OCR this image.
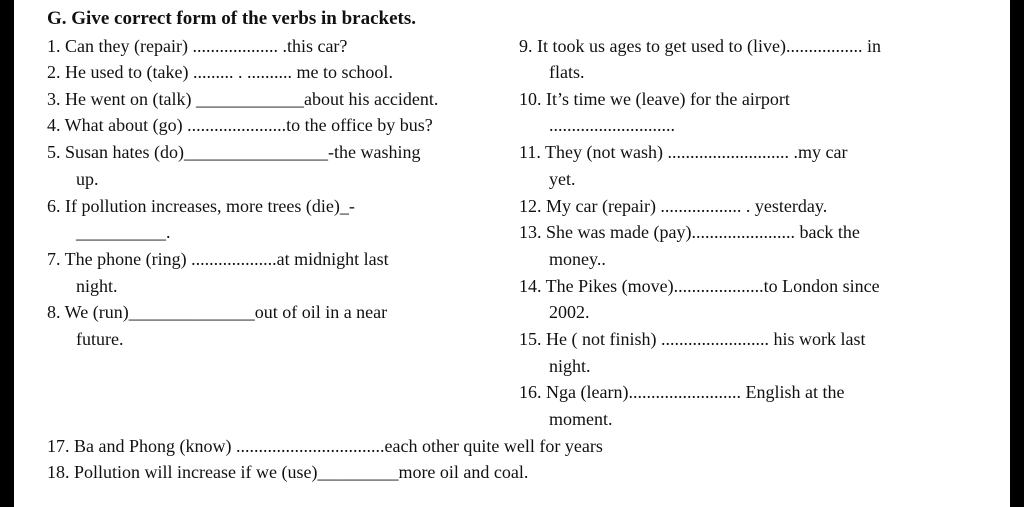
G. Give correct form of the verbs in brackets.
1. Can they (repair) ................... .this car?
2. He used to (take) ......... . .......... me to school.
3. He went on (talk) ____________about his accident.
4. What about (go) ......................to the office by bus?
5. Susan hates (do)________________-the washing
up.
6. If pollution increases, more trees (die)_-
__________.
7. The phone (ring) ...................at midnight last
night.
8. We (run)______________out of oil in a near
future.
9. It took us ages to get used to (live)................. in
flats.
10. It’s time we (leave) for the airport
............................
11. They (not wash) ........................... .my car
yet.
12. My car (repair) .................. . yesterday.
13. She was made (pay)....................... back the
money..
14. The Pikes (move)....................to London since
2002.
15. He ( not finish) ........................ his work last
night.
16. Nga (learn)......................... English at the
moment.
17. Ba and Phong (know) .................................each other quite well for years
18. Pollution will increase if we (use)_________more oil and coal.
